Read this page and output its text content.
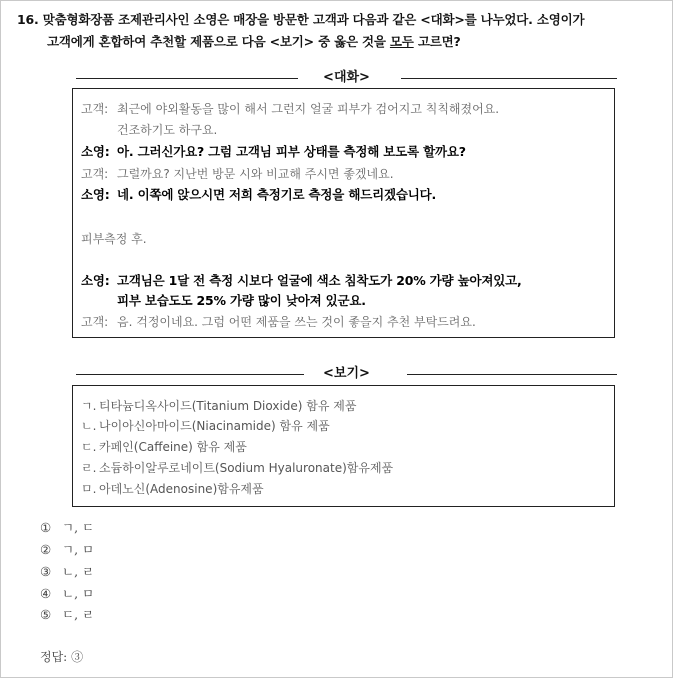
16. 맞춤형화장품 조제관리사인 소영은 매장을 방문한 고객과 다음과 같은 <대화>를 나누었다. 소영이가
고객에게 혼합하여 추천할 제품으로 다음 <보기> 중 옳은 것을 모두 고르면?
<대화>
고객: 최근에 야외활동을 많이 해서 그런지 얼굴 피부가 검어지고 칙칙해졌어요.
건조하기도 하구요.
소영: 아. 그러신가요? 그럼 고객님 피부 상태를 측정해 보도록 할까요?
고객: 그럴까요? 지난번 방문 시와 비교해 주시면 좋겠네요.
소영: 네. 이쪽에 앉으시면 저희 측정기로 측정을 해드리겠습니다.
피부측정 후.
소영: 고객님은 1달 전 측정 시보다 얼굴에 색소 침착도가 20% 가량 높아져있고,
피부 보습도도 25% 가량 많이 낮아져 있군요.
고객: 음. 걱정이네요. 그럼 어떤 제품을 쓰는 것이 좋을지 추천 부탁드려요.
<보기>
ㄱ. 티타늄디옥사이드(Titanium Dioxide) 함유 제품
ㄴ. 나이아신아마이드(Niacinamide) 함유 제품
ㄷ. 카페인(Caffeine) 함유 제품
ㄹ. 소듐하이알루로네이트(Sodium Hyaluronate)함유제품
ㅁ. 아데노신(Adenosine)함유제품
① ㄱ, ㄷ
② ㄱ, ㅁ
③ ㄴ, ㄹ
④ ㄴ, ㅁ
⑤ ㄷ, ㄹ
정답: ③
